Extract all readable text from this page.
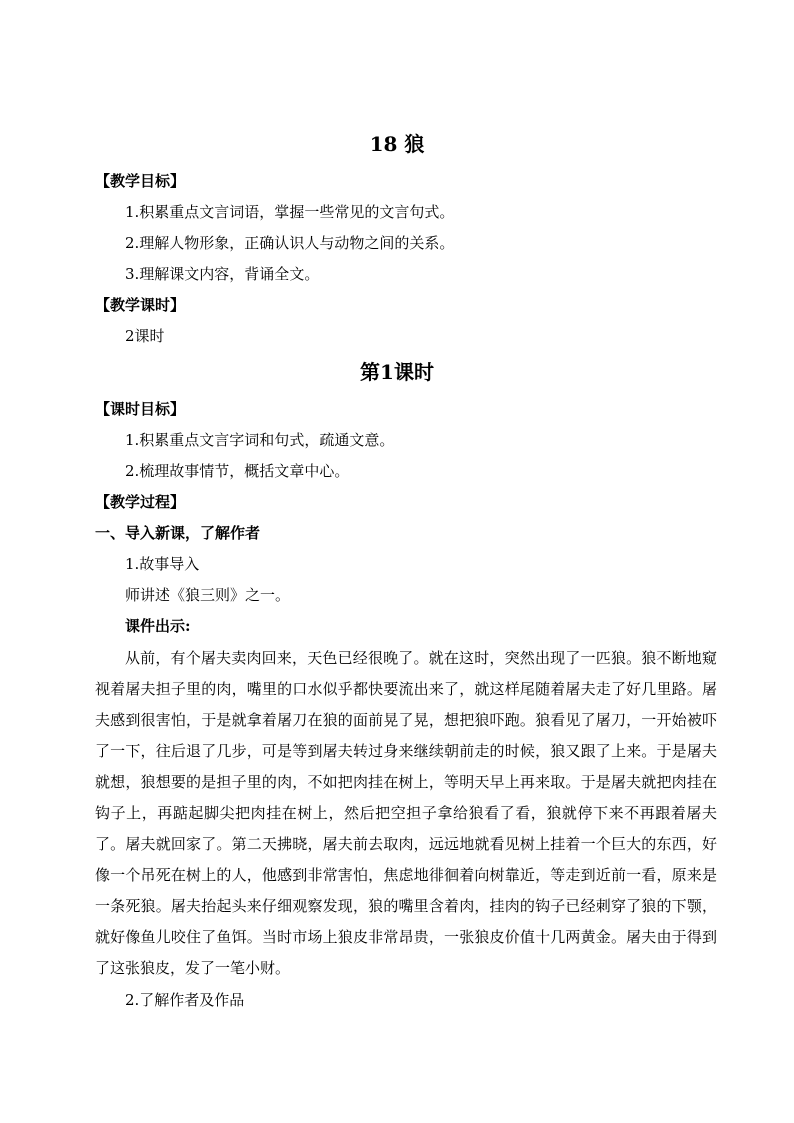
18 狼
【教学目标】
1.积累重点文言词语，掌握一些常见的文言句式。
2.理解人物形象，正确认识人与动物之间的关系。
3.理解课文内容，背诵全文。
【教学课时】
2课时
第1课时
【课时目标】
1.积累重点文言字词和句式，疏通文意。
2.梳理故事情节，概括文章中心。
【教学过程】
一、导入新课，了解作者
1.故事导入
师讲述《狼三则》之一。
课件出示:
从前，有个屠夫卖肉回来，天色已经很晚了。就在这时，突然出现了一匹狼。狼不断地窥视着屠夫担子里的肉，嘴里的口水似乎都快要流出来了，就这样尾随着屠夫走了好几里路。屠夫感到很害怕，于是就拿着屠刀在狼的面前晃了晃，想把狼吓跑。狼看见了屠刀，一开始被吓了一下，往后退了几步，可是等到屠夫转过身来继续朝前走的时候，狼又跟了上来。于是屠夫就想，狼想要的是担子里的肉，不如把肉挂在树上，等明天早上再来取。于是屠夫就把肉挂在钩子上，再踮起脚尖把肉挂在树上，然后把空担子拿给狼看了看，狼就停下来不再跟着屠夫了。屠夫就回家了。第二天拂晓，屠夫前去取肉，远远地就看见树上挂着一个巨大的东西，好像一个吊死在树上的人，他感到非常害怕，焦虑地徘徊着向树靠近，等走到近前一看，原来是一条死狼。屠夫抬起头来仔细观察发现，狼的嘴里含着肉，挂肉的钩子已经刺穿了狼的下颚，就好像鱼儿咬住了鱼饵。当时市场上狼皮非常昂贵，一张狼皮价值十几两黄金。屠夫由于得到了这张狼皮，发了一笔小财。
2.了解作者及作品
